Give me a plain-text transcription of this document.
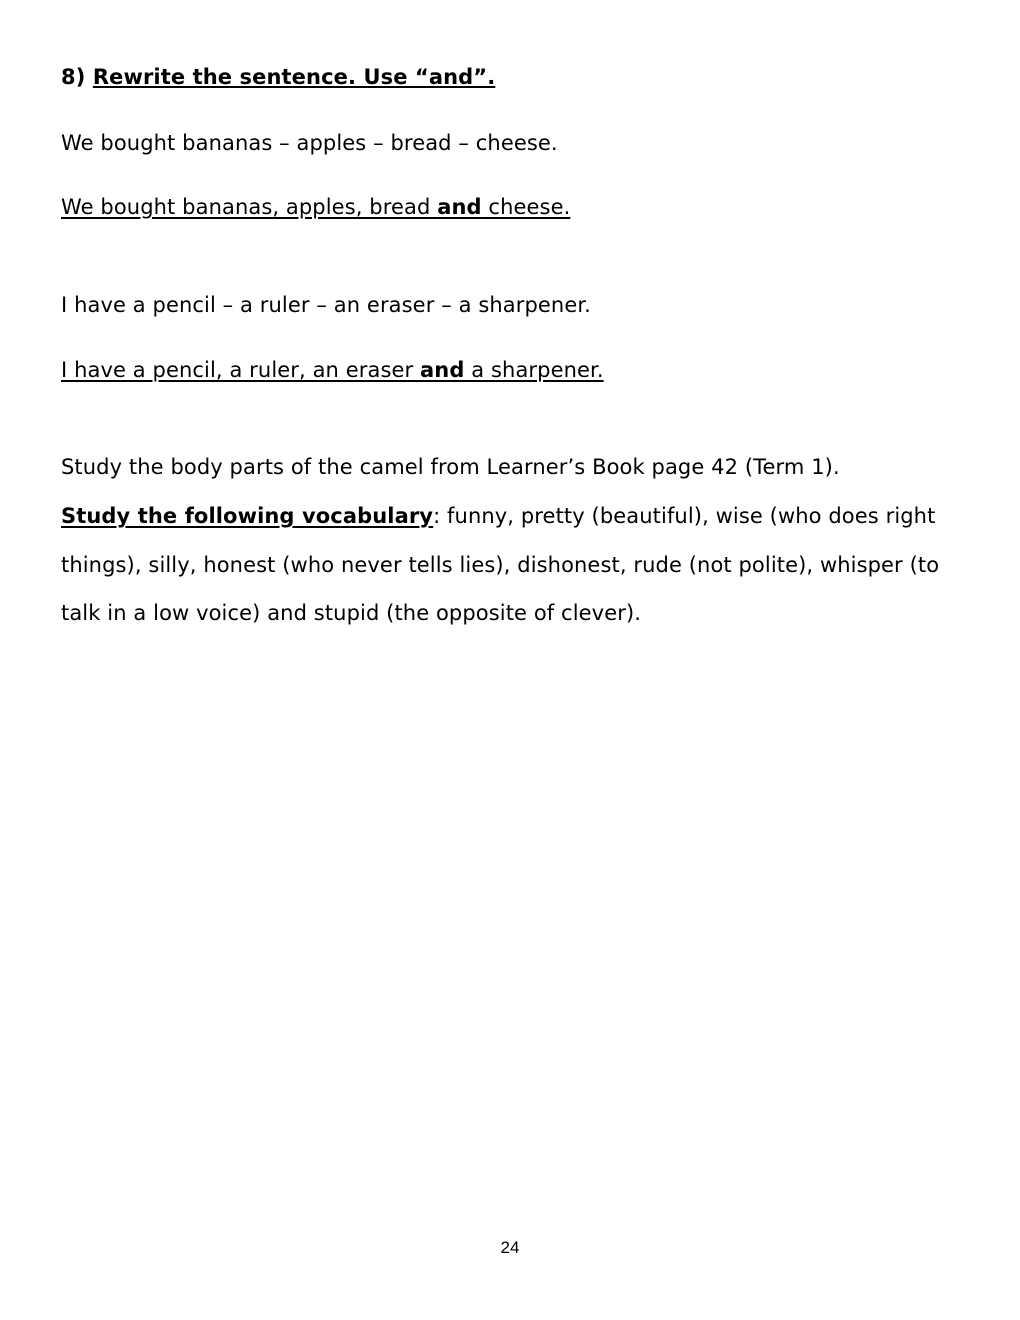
8) Rewrite the sentence. Use “and”.
We bought bananas – apples – bread – cheese.
We bought bananas, apples, bread and cheese.
I have a pencil – a ruler – an eraser – a sharpener.
I have a pencil, a ruler, an eraser and a sharpener.
Study the body parts of the camel from Learner’s Book page 42 (Term 1).
Study the following vocabulary: funny, pretty (beautiful), wise (who does right
things), silly, honest (who never tells lies), dishonest, rude (not polite), whisper (to
talk in a low voice) and stupid (the opposite of clever).
24
